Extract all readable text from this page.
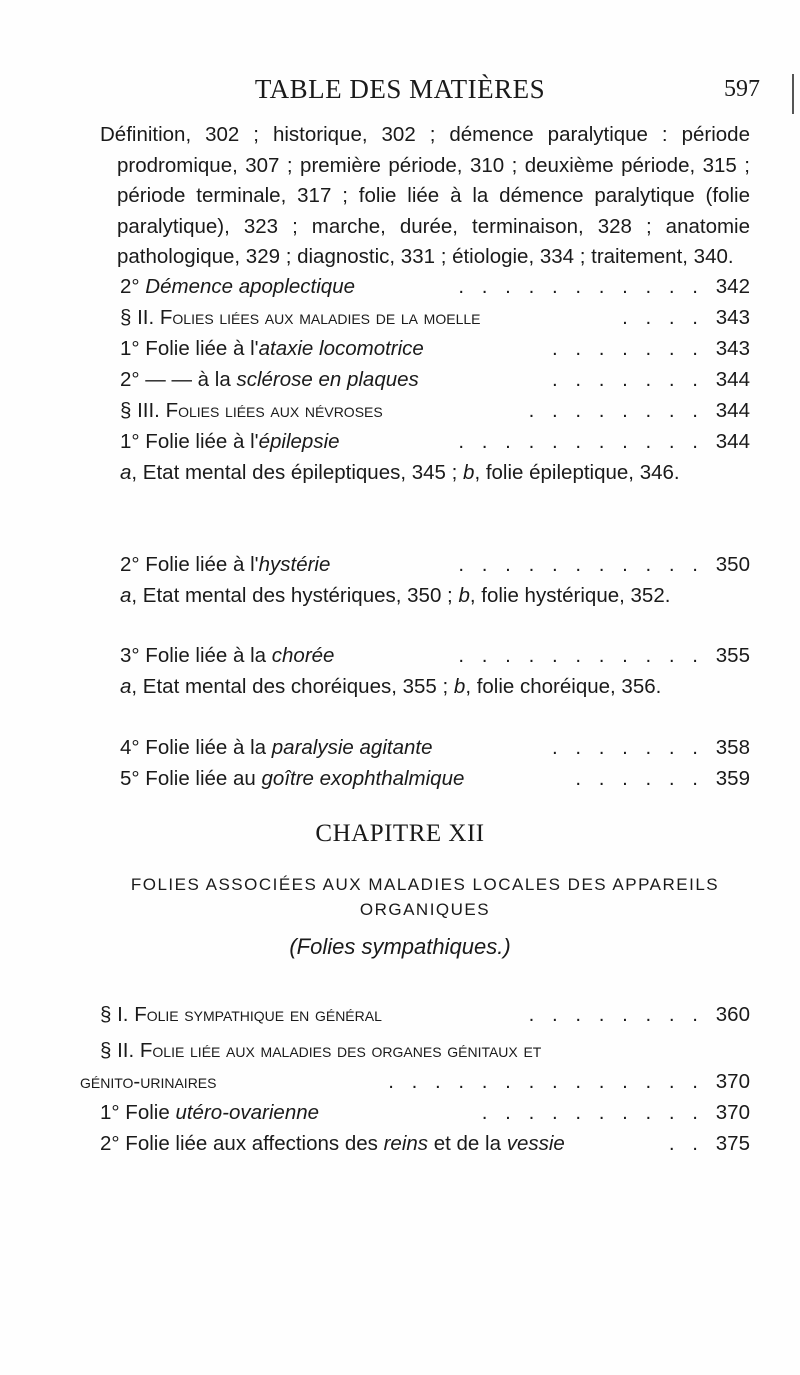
TABLE DES MATIÈRES	597

Définition, 302 ; historique, 302 ; démence paralytique : période prodromique, 307 ; première période, 310 ; deuxième période, 315 ; période terminale, 317 ; folie liée à la démence paralytique (folie paralytique), 323 ; marche, durée, terminaison, 328 ; anatomie pathologique, 329 ; diagnostic, 331 ; étiologie, 334 ; traitement, 340.

2° Démence apoplectique	. . . . . . . . . . . 342
§ II. Folies liées aux maladies de la moelle	. . . . 343
1° Folie liée à l'ataxie locomotrice	. . . . . . . 343
2° — — à la sclérose en plaques	. . . . . . . 344
§ III. Folies liées aux névroses	. . . . . . . . 344
1° Folie liée à l'épilepsie	. . . . . . . . . . . 344

a, Etat mental des épileptiques, 345 ; b, folie épileptique, 346.

2° Folie liée à l'hystérie	. . . . . . . . . . . 350

a, Etat mental des hystériques, 350 ; b, folie hystérique, 352.

3° Folie liée à la chorée	. . . . . . . . . . . 355

a, Etat mental des choréiques, 355 ; b, folie choréique, 356.

4° Folie liée à la paralysie agitante	. . . . . . . 358
5° Folie liée au goître exophthalmique	. . . . . . 359
CHAPITRE XII
FOLIES ASSOCIÉES AUX MALADIES LOCALES DES APPAREILS
ORGANIQUES
(Folies sympathiques.)
§ I. Folie sympathique en général	. . . . . . . . 360
§ II. Folie liée aux maladies des organes génitaux et
génito-urinaires	. . . . . . . . . . . . . . 370
1° Folie utéro-ovarienne	. . . . . . . . . . 370
2° Folie liée aux affections des reins et de la vessie	. . 375
